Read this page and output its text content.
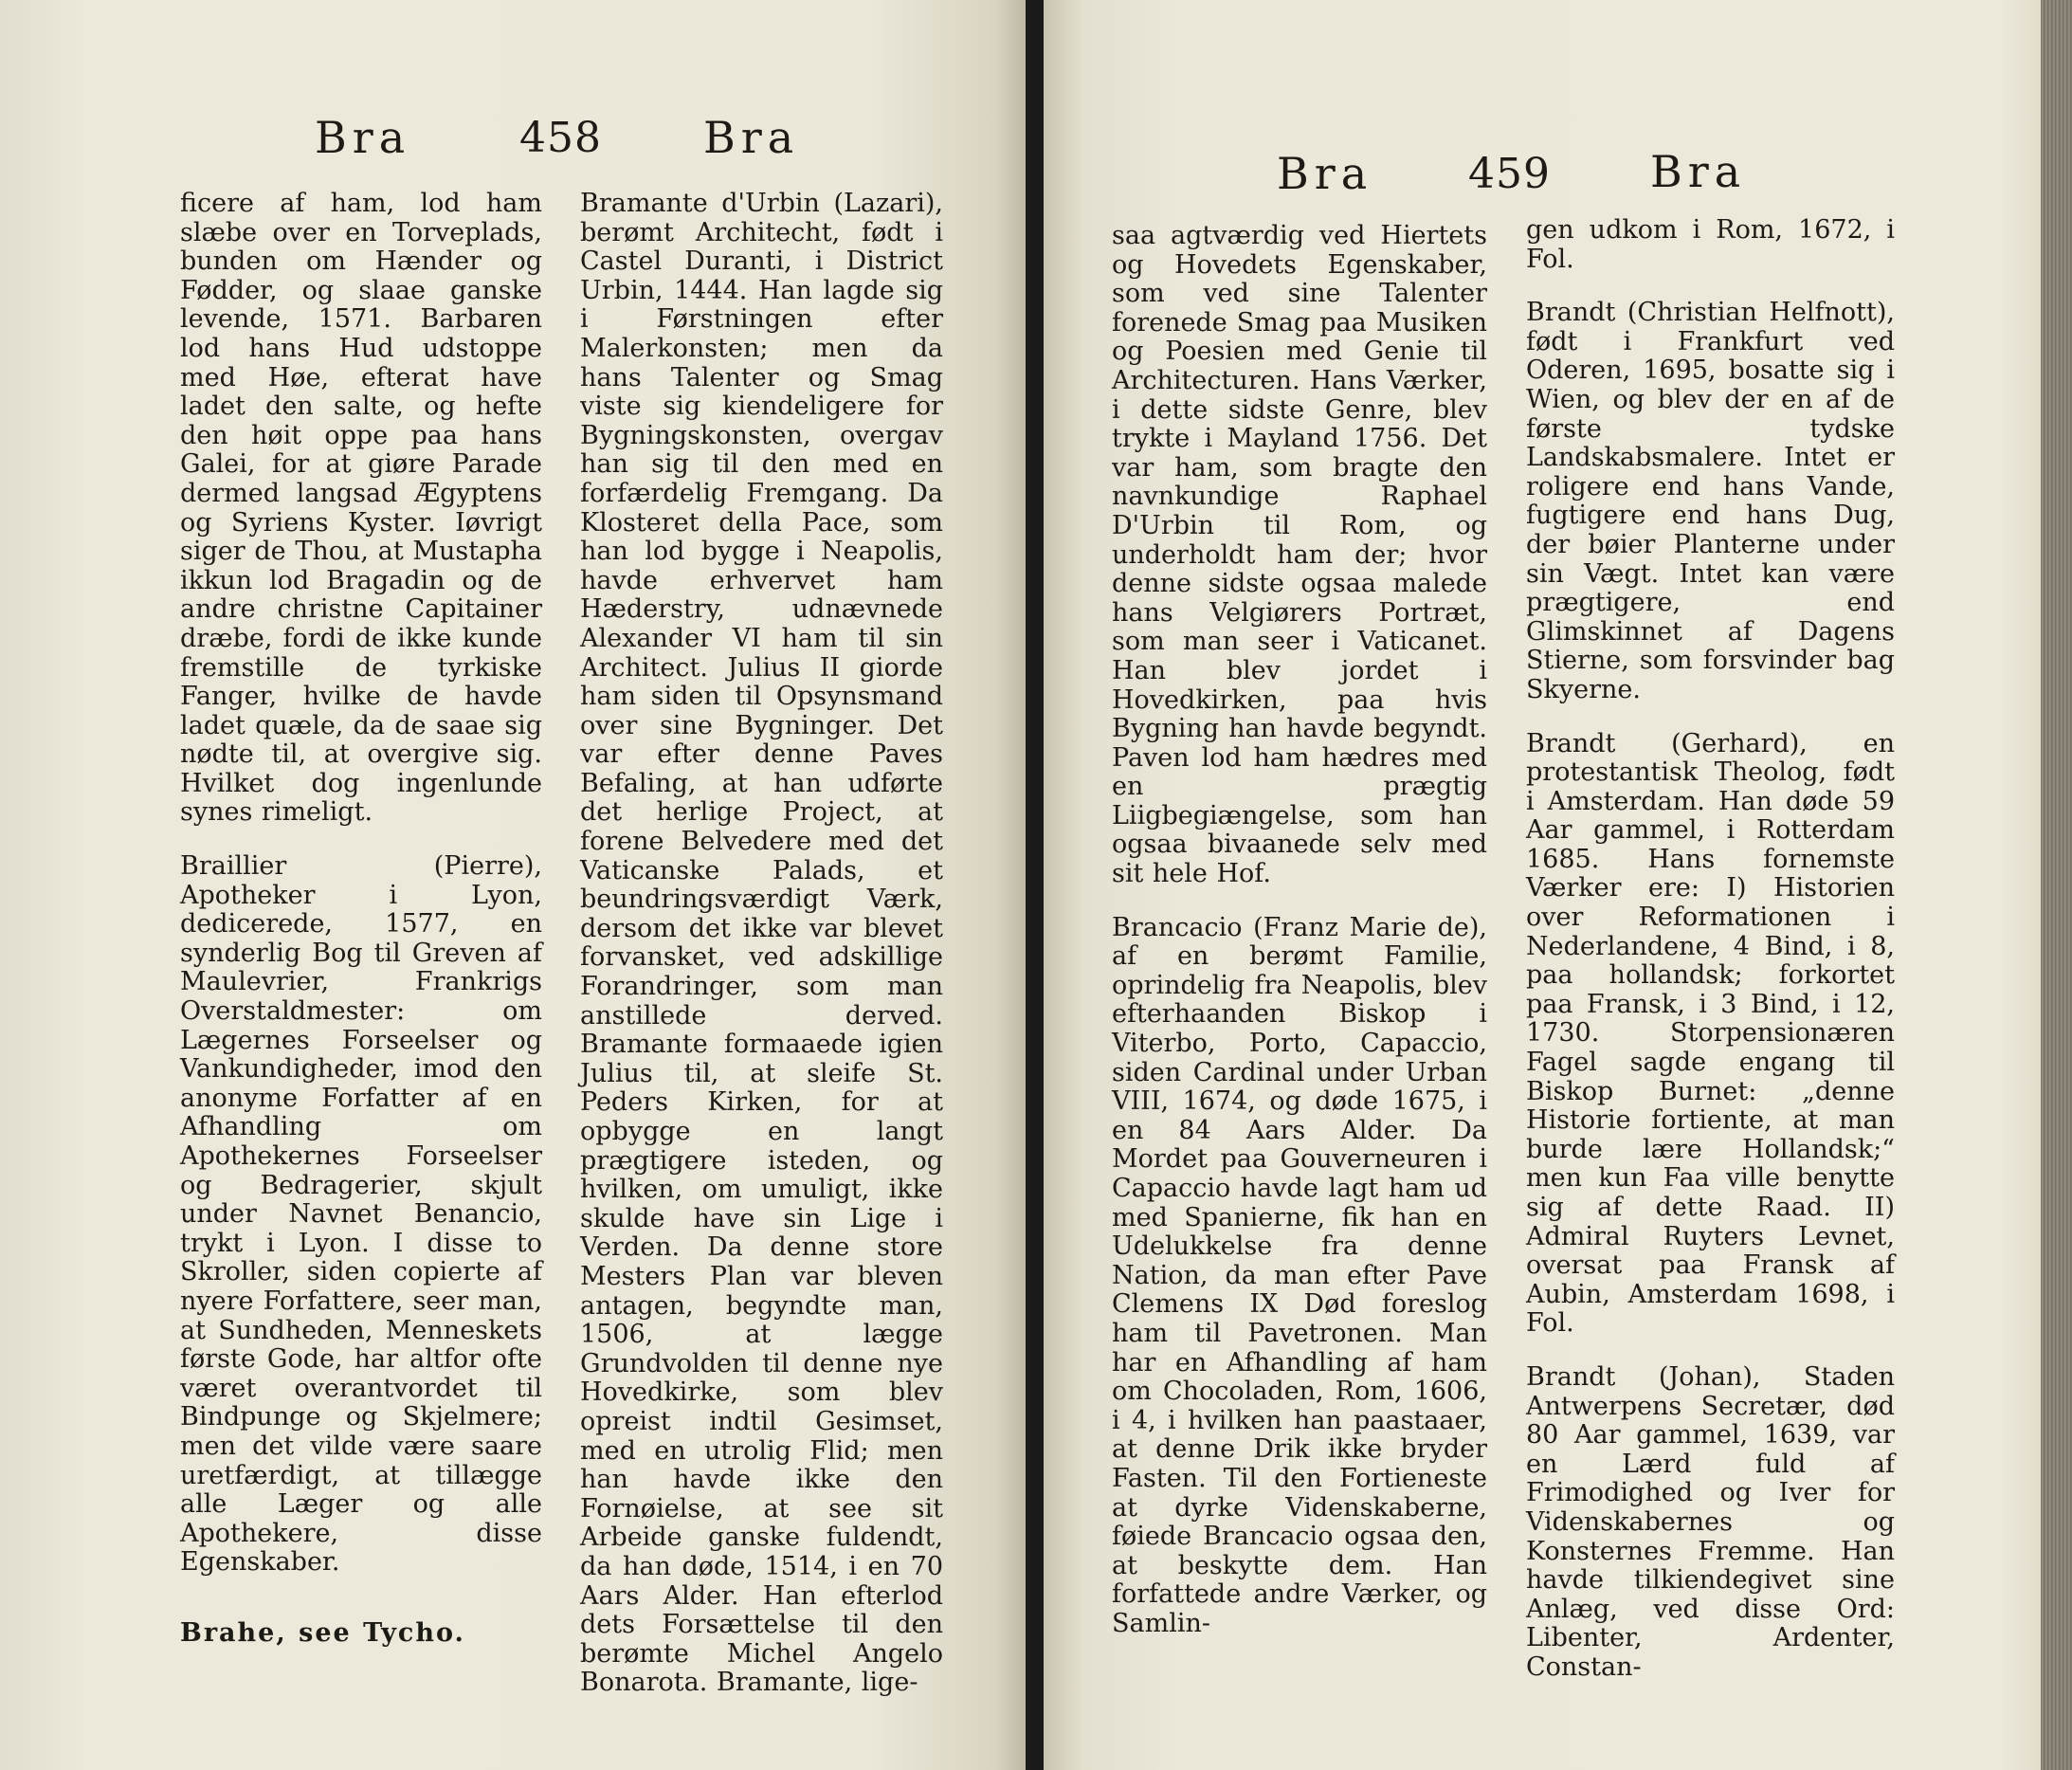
Bra	458 Bra

ficere af ham, lod ham slæbe over en Torveplads, bunden om Hænder og Fødder, og slaae ganske levende, 1571. Barbaren lod hans Hud udstoppe med Høe, efterat have ladet den salte, og hefte den høit oppe paa hans Galei, for at giøre Parade dermed langsad Ægyptens og Syriens Kyster. Iøvrigt siger de Thou, at Mustapha ikkun lod Bragadin og de andre christne Capitainer dræbe, fordi de ikke kunde fremstille de tyrkiske Fanger, hvilke de havde ladet quæle, da de saae sig nødte til, at overgive sig. Hvilket dog ingenlunde synes rimeligt.

Braillier (Pierre), Apotheker i Lyon, dedicerede, 1577, en synderlig Bog til Greven af Maulevrier, Frankrigs Overstaldmester: om Lægernes Forseelser og Vankundigheder, imod den anonyme Forfatter af en Afhandling om Apothekernes Forseelser og Bedragerier, skjult under Navnet Benancio, trykt i Lyon. I disse to Skroller, siden copierte af nyere Forfattere, seer man, at Sundheden, Menneskets første Gode, har altfor ofte været overantvordet til Bindpunge og Skjelmere; men det vilde være saare uretfærdigt, at tillægge alle Læger og alle Apothekere, disse Egenskaber.

Brahe, see Tycho.

Bramante d'Urbin (Lazari), berømt Architecht, født i Castel Duranti, i District Urbin, 1444. Han lagde sig i Førstningen efter Malerkonsten; men da hans Talenter og Smag viste sig kiendeligere for Bygningskonsten, overgav han sig til den med en forfærdelig Fremgang. Da Klosteret della Pace, som han lod bygge i Neapolis, havde erhvervet ham Hæderstry, udnævnede Alexander VI ham til sin Architect. Julius II giorde ham siden til Opsynsmand over sine Bygninger. Det var efter denne Paves Befaling, at han udførte det herlige Project, at forene Belvedere med det Vaticanske Palads, et beundringsværdigt Værk, dersom det ikke var blevet forvansket, ved adskillige Forandringer, som man anstillede derved. Bramante formaaede igien Julius til, at sleife St. Peders Kirken, for at opbygge en langt prægtigere isteden, og hvilken, om umuligt, ikke skulde have sin Lige i Verden. Da denne store Mesters Plan var bleven antagen, begyndte man, 1506, at lægge Grundvolden til denne nye Hovedkirke, som blev opreist indtil Gesimset, med en utrolig Flid; men han havde ikke den Fornøielse, at see sit Arbeide ganske fuldendt, da han døde, 1514, i en 70 Aars Alder. Han efterlod dets Forsættelse til den berømte Michel Angelo Bonarota. Bramante, lige-

Bra 459 Bra

saa agtværdig ved Hiertets og Hovedets Egenskaber, som ved sine Talenter forenede Smag paa Musiken og Poesien med Genie til Architecturen. Hans Værker, i dette sidste Genre, blev trykte i Mayland 1756. Det var ham, som bragte den navnkundige Raphael D'Urbin til Rom, og underholdt ham der; hvor denne sidste ogsaa malede hans Velgiørers Portræt, som man seer i Vaticanet. Han blev jordet i Hovedkirken, paa hvis Bygning han havde begyndt. Paven lod ham hædres med en prægtig Liigbegiængelse, som han ogsaa bivaanede selv med sit hele Hof.

Brancacio (Franz Marie de), af en berømt Familie, oprindelig fra Neapolis, blev efterhaanden Biskop i Viterbo, Porto, Capaccio, siden Cardinal under Urban VIII, 1674, og døde 1675, i en 84 Aars Alder. Da Mordet paa Gouverneuren i Capaccio havde lagt ham ud med Spanierne, fik han en Udelukkelse fra denne Nation, da man efter Pave Clemens IX Død foreslog ham til Pavetronen. Man har en Afhandling af ham om Chocoladen, Rom, 1606, i 4, i hvilken han paastaaer, at denne Drik ikke bryder Fasten. Til den Fortieneste at dyrke Videnskaberne, føiede Brancacio ogsaa den, at beskytte dem. Han forfattede andre Værker, og Samlin-

gen udkom i Rom, 1672, i Fol.

Brandt (Christian Helfnott), født i Frankfurt ved Oderen, 1695, bosatte sig i Wien, og blev der en af de første tydske Landskabsmalere. Intet er roligere end hans Vande, fugtigere end hans Dug, der bøier Planterne under sin Vægt. Intet kan være prægtigere, end Glimskinnet af Dagens Stierne, som forsvinder bag Skyerne.

Brandt (Gerhard), en protestantisk Theolog, født i Amsterdam. Han døde 59 Aar gammel, i Rotterdam 1685. Hans fornemste Værker ere: I) Historien over Reformationen i Nederlandene, 4 Bind, i 8, paa hollandsk; forkortet paa Fransk, i 3 Bind, i 12, 1730. Storpensionæren Fagel sagde engang til Biskop Burnet: „denne Historie fortiente, at man burde lære Hollandsk;“ men kun Faa ville benytte sig af dette Raad. II) Admiral Ruyters Levnet, oversat paa Fransk af Aubin, Amsterdam 1698, i Fol.

Brandt (Johan), Staden Antwerpens Secretær, død 80 Aar gammel, 1639, var en Lærd fuld af Frimodighed og Iver for Videnskabernes og Konsternes Fremme. Han havde tilkiendegivet sine Anlæg, ved disse Ord: Libenter, Ardenter, Constan-
